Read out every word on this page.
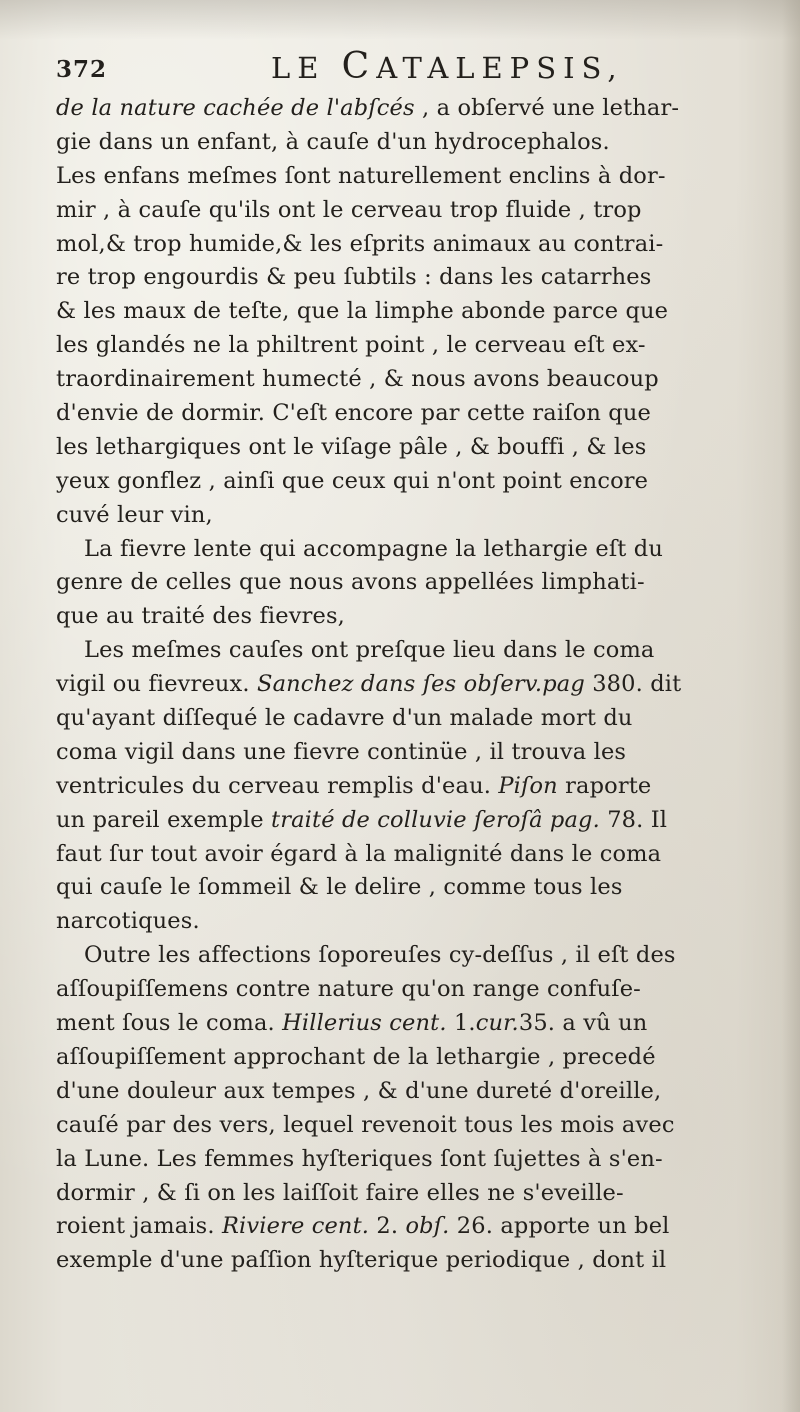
372	LE CATALEPSIS,
de la nature cachée de l'abſcés , a obſervé une lethar-
gie dans un enfant, à cauſe d'un hydrocephalos.
Les enfans meſmes ſont naturellement enclins à dor-
mir , à cauſe qu'ils ont le cerveau trop fluide , trop
mol,& trop humide,& les eſprits animaux au contrai-
re trop engourdis & peu ſubtils : dans les catarrhes
& les maux de teſte, que la limphe abonde parce que
les glandés ne la philtrent point , le cerveau eſt ex-
traordinairement humecté , & nous avons beaucoup
d'envie de dormir. C'eſt encore par cette raiſon que
les lethargiques ont le viſage pâle , & bouffi , & les
yeux gonflez , ainſi que ceux qui n'ont point encore
cuvé leur vin,
La fievre lente qui accompagne la lethargie eſt du
genre de celles que nous avons appellées limphati-
que au traité des fievres,
Les meſmes cauſes ont preſque lieu dans le coma
vigil ou fievreux. Sanchez dans ſes obſerv.pag 380. dit
qu'ayant diſſequé le cadavre d'un malade mort du
coma vigil dans une fievre continüe , il trouva les
ventricules du cerveau remplis d'eau. Piſon raporte
un pareil exemple traité de colluvie ſeroſâ pag. 78. Il
faut ſur tout avoir égard à la malignité dans le coma
qui cauſe le ſommeil & le delire , comme tous les
narcotiques.
Outre les affections ſoporeuſes cy-deſſus , il eſt des
aſſoupiſſemens contre nature qu'on range confuſe-
ment ſous le coma. Hillerius cent. 1.cur.35. a vû un
aſſoupiſſement approchant de la lethargie , precedé
d'une douleur aux tempes , & d'une dureté d'oreille,
cauſé par des vers, lequel revenoit tous les mois avec
la Lune. Les femmes hyſteriques ſont ſujettes à s'en-
dormir , & ſi on les laiſſoit faire elles ne s'eveille-
roient jamais. Riviere cent. 2. obſ. 26. apporte un bel
exemple d'une paſſion hyſterique periodique , dont il
